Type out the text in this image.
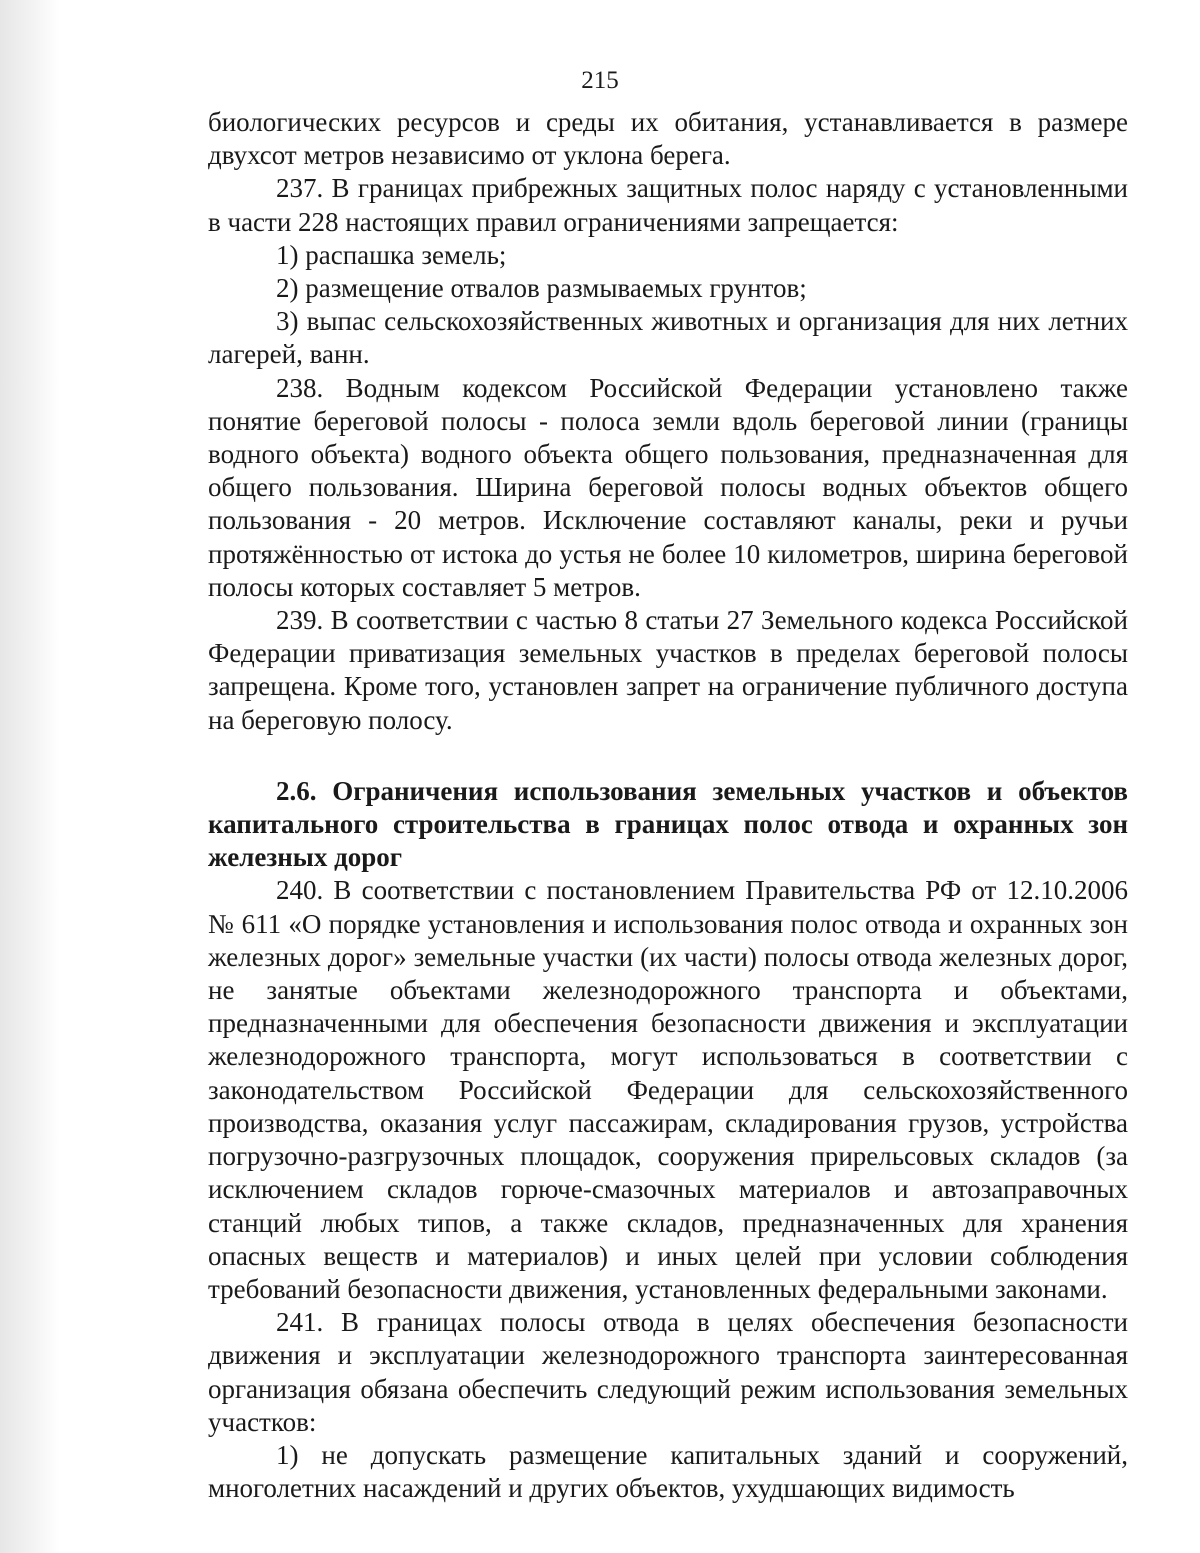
215

биологических ресурсов и среды их обитания, устанавливается в размере двухсот метров независимо от уклона берега.

237. В границах прибрежных защитных полос наряду с установленными в части 228 настоящих правил ограничениями запрещается:

1) распашка земель;

2) размещение отвалов размываемых грунтов;

3) выпас сельскохозяйственных животных и организация для них летних лагерей, ванн.

238. Водным кодексом Российской Федерации установлено также понятие береговой полосы - полоса земли вдоль береговой линии (границы водного объекта) водного объекта общего пользования, предназначенная для общего пользования. Ширина береговой полосы водных объектов общего пользования - 20 метров. Исключение составляют каналы, реки и ручьи протяжённостью от истока до устья не более 10 километров, ширина береговой полосы которых составляет 5 метров.

239. В соответствии с частью 8 статьи 27 Земельного кодекса Российской Федерации приватизация земельных участков в пределах береговой полосы запрещена. Кроме того, установлен запрет на ограничение публичного доступа на береговую полосу.

2.6. Ограничения использования земельных участков и объектов капитального строительства в границах полос отвода и охранных зон железных дорог

240. В соответствии с постановлением Правительства РФ от 12.10.2006 № 611 «О порядке установления и использования полос отвода и охранных зон железных дорог» земельные участки (их части) полосы отвода железных дорог, не занятые объектами железнодорожного транспорта и объектами, предназначенными для обеспечения безопасности движения и эксплуатации железнодорожного транспорта, могут использоваться в соответствии с законодательством Российской Федерации для сельскохозяйственного производства, оказания услуг пассажирам, складирования грузов, устройства погрузочно-разгрузочных площадок, сооружения прирельсовых складов (за исключением складов горюче-смазочных материалов и автозаправочных станций любых типов, а также складов, предназначенных для хранения опасных веществ и материалов) и иных целей при условии соблюдения требований безопасности движения, установленных федеральными законами.

241. В границах полосы отвода в целях обеспечения безопасности движения и эксплуатации железнодорожного транспорта заинтересованная организация обязана обеспечить следующий режим использования земельных участков:

1) не допускать размещение капитальных зданий и сооружений, многолетних насаждений и других объектов, ухудшающих видимость
